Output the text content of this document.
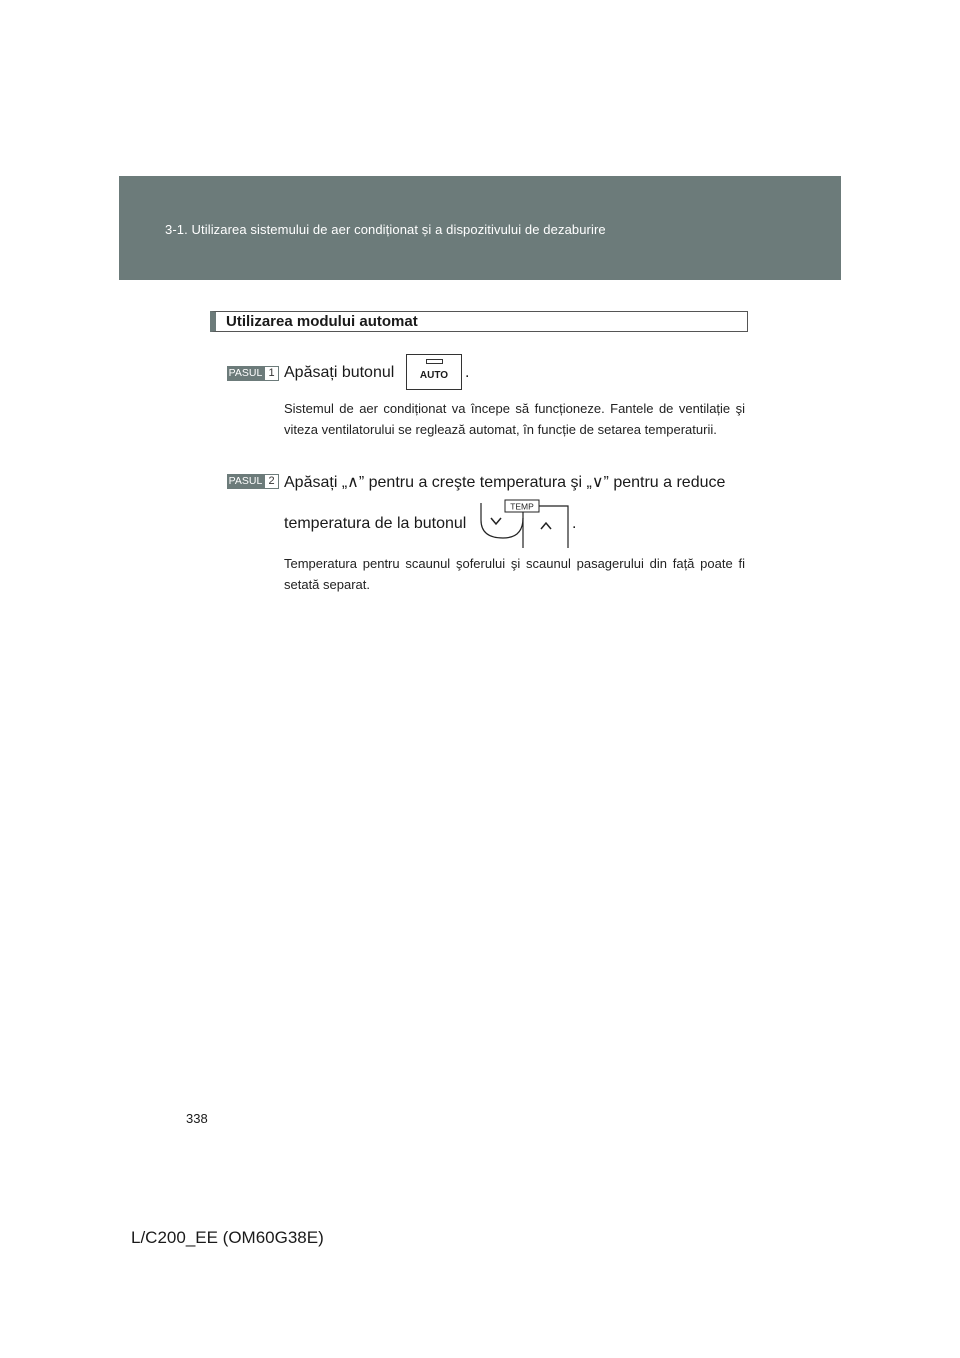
3-1. Utilizarea sistemului de aer condiționat și a dispozitivului de dezaburire
Utilizarea modului automat
PASUL 1 Apăsați butonul	AUTO	.
Sistemul de aer condiționat va începe să funcționeze. Fantele de ventilație şi viteza ventilatorului se reglează automat, în funcție de setarea temperaturii.
PASUL 2 Apăsați „∧” pentru a creşte temperatura şi „∨” pentru a reduce
temperatura de la butonul
TEMP
.
Temperatura pentru scaunul şoferului şi scaunul pasagerului din față poate fi setată separat.
338
L/C200_EE (OM60G38E)
